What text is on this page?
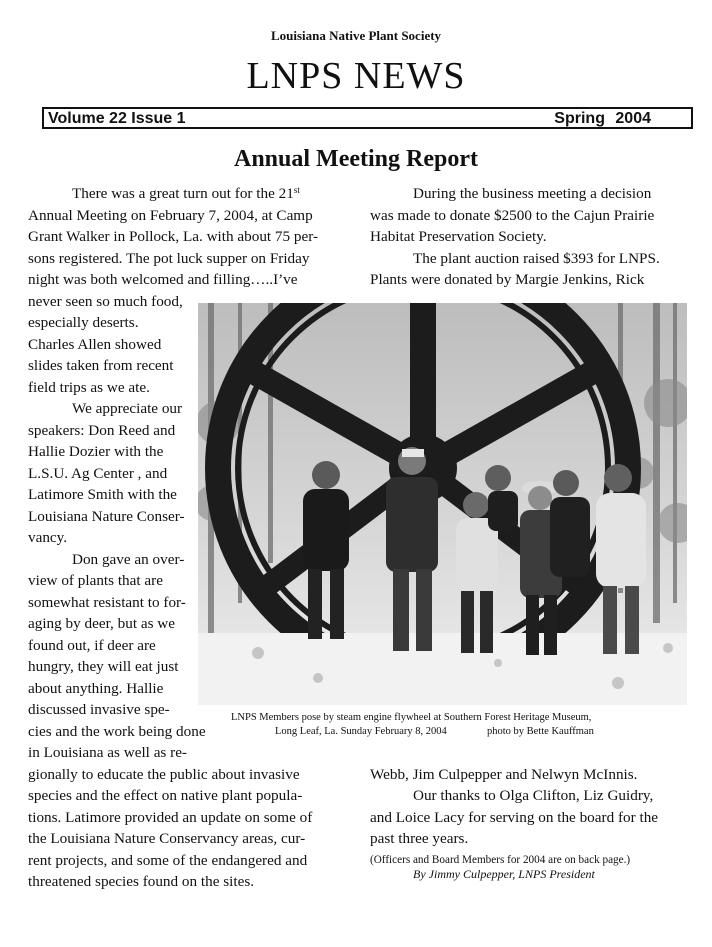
Louisiana Native Plant Society
LNPS NEWS
Volume 22 Issue 1	Spring 2004
Annual Meeting Report
There was a great turn out for the 21st
Annual Meeting on February 7, 2004, at Camp
Grant Walker in Pollock, La. with about 75 per-
sons registered. The pot luck supper on Friday
night was both welcomed and filling…..I’ve
never seen so much food,
especially deserts.
Charles Allen showed
slides taken from recent
field trips as we ate.
We appreciate our
speakers: Don Reed and
Hallie Dozier with the
L.S.U. Ag Center , and
Latimore Smith with the
Louisiana Nature Conser-
vancy.
Don gave an over-
view of plants that are
somewhat resistant to for-
aging by deer, but as we
found out, if deer are
hungry, they will eat just
about anything. Hallie
discussed invasive spe-
cies and the work being done
in Louisiana as well as re-
gionally to educate the public about invasive
species and the effect on native plant popula-
tions. Latimore provided an update on some of
the Louisiana Nature Conservancy areas, cur-
rent projects, and some of the endangered and
threatened species found on the sites.
During the business meeting a decision
was made to donate $2500 to the Cajun Prairie
Habitat Preservation Society.
The plant auction raised $393 for LNPS.
Plants were donated by Margie Jenkins, Rick
LNPS Members pose by steam engine flywheel at Southern Forest Heritage Museum,
Long Leaf, La. Sunday February 8, 2004	photo by Bette Kauffman
Webb, Jim Culpepper and Nelwyn McInnis.
Our thanks to Olga Clifton, Liz Guidry,
and Loice Lacy for serving on the board for the
past three years.
(Officers and Board Members for 2004 are on back page.)
By Jimmy Culpepper, LNPS President
